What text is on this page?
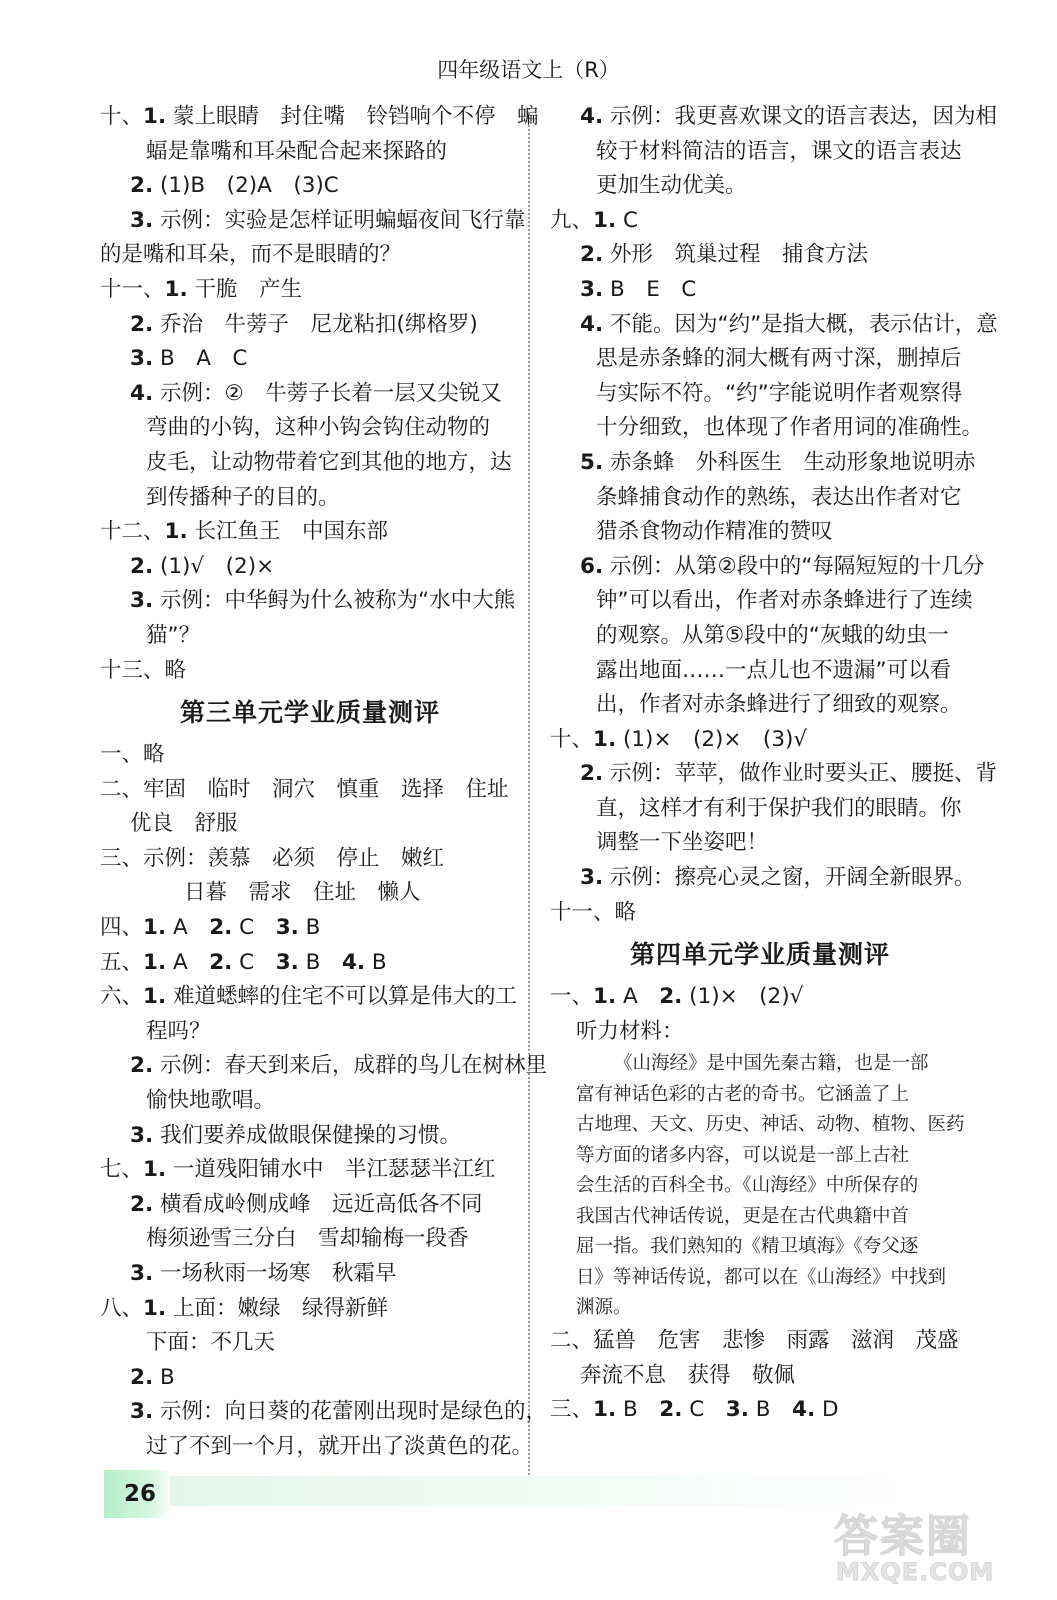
四年级语文上（R）
十、1. 蒙上眼睛　封住嘴　铃铛响个不停　蝙
蝠是靠嘴和耳朵配合起来探路的
2. (1)B　(2)A　(3)C
3. 示例：实验是怎样证明蝙蝠夜间飞行靠
的是嘴和耳朵，而不是眼睛的？
十一、1. 干脆　产生
2. 乔治　牛蒡子　尼龙粘扣(绑格罗)
3. B　A　C
4. 示例：②　牛蒡子长着一层又尖锐又
弯曲的小钩，这种小钩会钩住动物的
皮毛，让动物带着它到其他的地方，达
到传播种子的目的。
十二、1. 长江鱼王　中国东部
2. (1)√　(2)×
3. 示例：中华鲟为什么被称为“水中大熊
猫”？
十三、略
第三单元学业质量测评
一、略
二、牢固　临时　洞穴　慎重　选择　住址
优良　舒服
三、示例：羡慕　必须　停止　嫩红
日暮　需求　住址　懒人
四、1. A　2. C　3. B
五、1. A　2. C　3. B　4. B
六、1. 难道蟋蟀的住宅不可以算是伟大的工
程吗？
2. 示例：春天到来后，成群的鸟儿在树林里
愉快地歌唱。
3. 我们要养成做眼保健操的习惯。
七、1. 一道残阳铺水中　半江瑟瑟半江红
2. 横看成岭侧成峰　远近高低各不同
梅须逊雪三分白　雪却输梅一段香
3. 一场秋雨一场寒　秋霜早
八、1. 上面：嫩绿　绿得新鲜
下面：不几天
2. B
3. 示例：向日葵的花蕾刚出现时是绿色的，
过了不到一个月，就开出了淡黄色的花。
4. 示例：我更喜欢课文的语言表达，因为相
较于材料简洁的语言，课文的语言表达
更加生动优美。
九、1. C
2. 外形　筑巢过程　捕食方法
3. B　E　C
4. 不能。因为“约”是指大概，表示估计，意
思是赤条蜂的洞大概有两寸深，删掉后
与实际不符。“约”字能说明作者观察得
十分细致，也体现了作者用词的准确性。
5. 赤条蜂　外科医生　生动形象地说明赤
条蜂捕食动作的熟练，表达出作者对它
猎杀食物动作精准的赞叹
6. 示例：从第②段中的“每隔短短的十几分
钟”可以看出，作者对赤条蜂进行了连续
的观察。从第⑤段中的“灰蛾的幼虫一
露出地面……一点儿也不遗漏”可以看
出，作者对赤条蜂进行了细致的观察。
十、1. (1)×　(2)×　(3)√
2. 示例：苹苹，做作业时要头正、腰挺、背
直，这样才有利于保护我们的眼睛。你
调整一下坐姿吧！
3. 示例：擦亮心灵之窗，开阔全新眼界。
十一、略
第四单元学业质量测评
一、1. A　2. (1)×　(2)√
听力材料：
《山海经》是中国先秦古籍，也是一部
富有神话色彩的古老的奇书。它涵盖了上
古地理、天文、历史、神话、动物、植物、医药
等方面的诸多内容，可以说是一部上古社
会生活的百科全书。《山海经》中所保存的
我国古代神话传说，更是在古代典籍中首
屈一指。我们熟知的《精卫填海》《夸父逐
日》等神话传说，都可以在《山海经》中找到
渊源。
二、猛兽　危害　悲惨　雨露　滋润　茂盛
奔流不息　获得　敬佩
三、1. B　2. C　3. B　4. D
26
答案圈
MXQE.COM
